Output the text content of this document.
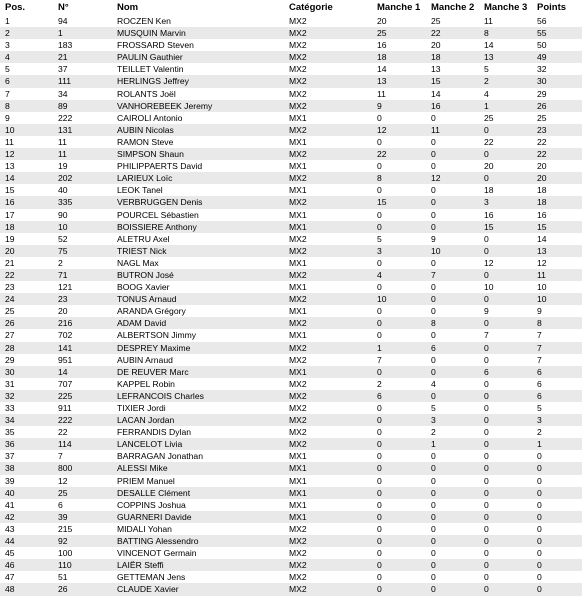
Pos.	N°	Nom	Catégorie	Manche 1	Manche 2	Manche 3	Points
1	94	ROCZEN Ken	MX2	20	25	11	56
2	1	MUSQUIN Marvin	MX2	25	22	8	55
3	183	FROSSARD Steven	MX2	16	20	14	50
4	21	PAULIN Gauthier	MX2	18	18	13	49
5	37	TEILLET Valentin	MX2	14	13	5	32
6	111	HERLINGS Jeffrey	MX2	13	15	2	30
7	34	ROLANTS Joël	MX2	11	14	4	29
8	89	VANHOREBEEK Jeremy	MX2	9	16	1	26
9	222	CAIROLI Antonio	MX1	0	0	25	25
10	131	AUBIN Nicolas	MX2	12	11	0	23
11	11	RAMON Steve	MX1	0	0	22	22
12	11	SIMPSON Shaun	MX2	22	0	0	22
13	19	PHILIPPAERTS David	MX1	0	0	20	20
14	202	LARIEUX Loïc	MX2	8	12	0	20
15	40	LEOK Tanel	MX1	0	0	18	18
16	335	VERBRUGGEN Denis	MX2	15	0	3	18
17	90	POURCEL Sébastien	MX1	0	0	16	16
18	10	BOISSIERE Anthony	MX1	0	0	15	15
19	52	ALETRU Axel	MX2	5	9	0	14
20	75	TRIEST Nick	MX2	3	10	0	13
21	2	NAGL Max	MX1	0	0	12	12
22	71	BUTRON José	MX2	4	7	0	11
23	121	BOOG Xavier	MX1	0	0	10	10
24	23	TONUS Arnaud	MX2	10	0	0	10
25	20	ARANDA Grégory	MX1	0	0	9	9
26	216	ADAM David	MX2	0	8	0	8
27	702	ALBERTSON Jimmy	MX1	0	0	7	7
28	141	DESPREY Maxime	MX2	1	6	0	7
29	951	AUBIN Arnaud	MX2	7	0	0	7
30	14	DE REUVER Marc	MX1	0	0	6	6
31	707	KAPPEL Robin	MX2	2	4	0	6
32	225	LEFRANCOIS Charles	MX2	6	0	0	6
33	911	TIXIER Jordi	MX2	0	5	0	5
34	222	LACAN Jordan	MX2	0	3	0	3
35	22	FERRANDIS Dylan	MX2	0	2	0	2
36	114	LANCELOT Livia	MX2	0	1	0	1
37	7	BARRAGAN Jonathan	MX1	0	0	0	0
38	800	ALESSI Mike	MX1	0	0	0	0
39	12	PRIEM Manuel	MX1	0	0	0	0
40	25	DESALLE Clément	MX1	0	0	0	0
41	6	COPPINS Joshua	MX1	0	0	0	0
42	39	GUARNERI Davide	MX1	0	0	0	0
43	215	MIDALI Yohan	MX2	0	0	0	0
44	92	BATTING Alessendro	MX2	0	0	0	0
45	100	VINCENOT Germain	MX2	0	0	0	0
46	110	LAIËR Steffi	MX2	0	0	0	0
47	51	GETTEMAN Jens	MX2	0	0	0	0
48	26	CLAUDE Xavier	MX2	0	0	0	0
